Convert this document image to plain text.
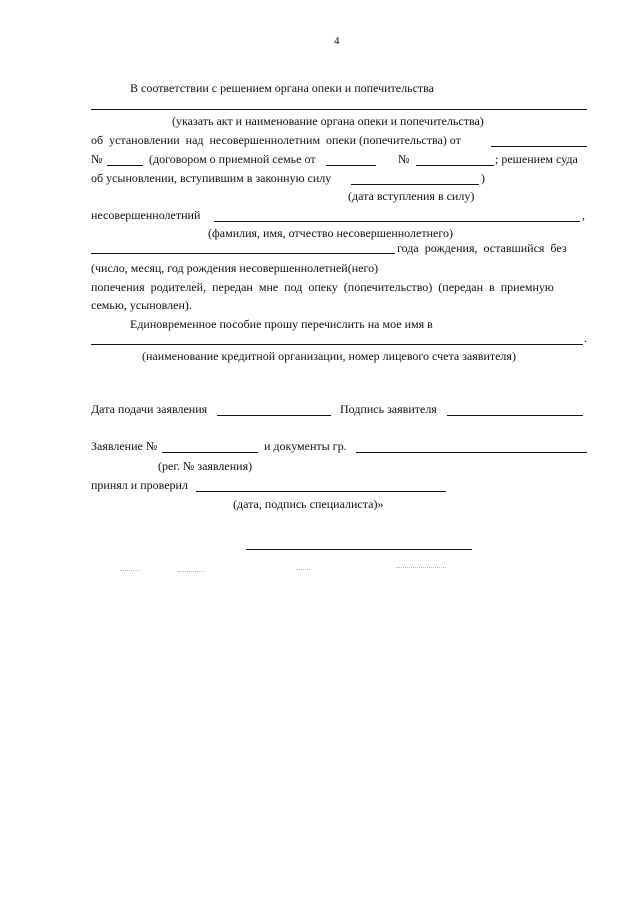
4
В соответствии с решением органа опеки и попечительства
(указать акт и наименование органа опеки и попечительства)
об  установлении  над  несовершеннолетним  опеки (попечительства) от
№	(договором о приемной семье от	№	; решением суда
об усыновлении, вступившим в законную силу	)
(дата вступления в силу)
несовершеннолетний	,
(фамилия, имя, отчество несовершеннолетнего)
года  рождения,  оставшийся  без
(число, месяц, год рождения несовершеннолетней(него)
попечения  родителей,  передан  мне  под  опеку  (попечительство)  (передан  в  приемную
семью, усыновлен).
Единовременное пособие прошу перечислить на мое имя в
.
(наименование кредитной организации, номер лицевого счета заявителя)
Дата подачи заявления	Подпись заявителя
Заявление №	и документы гр.
(рег. № заявления)
принял и проверил
(дата, подпись специалиста)»
